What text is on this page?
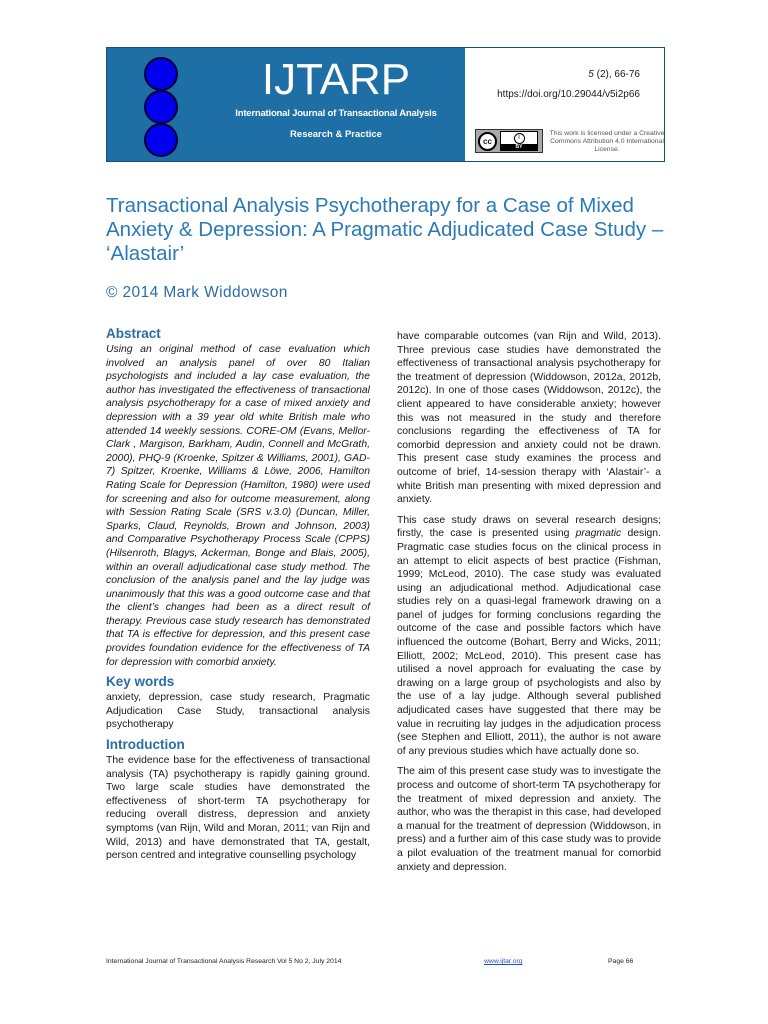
IJTARP
International Journal of Transactional Analysis
Research & Practice
5 (2), 66-76
https://doi.org/10.29044/v5i2p66
cc	i
BY
This work is licensed under a Creative Commons Attribution 4.0 International License.
Transactional Analysis Psychotherapy for a Case of Mixed Anxiety & Depression: A Pragmatic Adjudicated Case Study – ‘Alastair’
© 2014 Mark Widdowson
Abstract
Using an original method of case evaluation which involved an analysis panel of over 80 Italian psychologists and included a lay case evaluation, the author has investigated the effectiveness of transactional analysis psychotherapy for a case of mixed anxiety and depression with a 39 year old white British male who attended 14 weekly sessions. CORE-OM (Evans, Mellor-Clark , Margison, Barkham, Audin, Connell and McGrath, 2000), PHQ-9 (Kroenke, Spitzer & Williams, 2001), GAD-7) Spitzer, Kroenke, Williams & Löwe, 2006, Hamilton Rating Scale for Depression (Hamilton, 1980) were used for screening and also for outcome measurement, along with Session Rating Scale (SRS v.3.0) (Duncan, Miller, Sparks, Claud, Reynolds, Brown and Johnson, 2003) and Comparative Psychotherapy Process Scale (CPPS) (Hilsenroth, Blagys, Ackerman, Bonge and Blais, 2005), within an overall adjudicational case study method. The conclusion of the analysis panel and the lay judge was unanimously that this was a good outcome case and that the client’s changes had been as a direct result of therapy. Previous case study research has demonstrated that TA is effective for depression, and this present case provides foundation evidence for the effectiveness of TA for depression with comorbid anxiety.
Key words
anxiety, depression, case study research, Pragmatic Adjudication Case Study, transactional analysis psychotherapy
Introduction
The evidence base for the effectiveness of transactional analysis (TA) psychotherapy is rapidly gaining ground. Two large scale studies have demonstrated the effectiveness of short-term TA psychotherapy for reducing overall distress, depression and anxiety symptoms (van Rijn, Wild and Moran, 2011; van Rijn and Wild, 2013) and have demonstrated that TA, gestalt, person centred and integrative counselling psychology

have comparable outcomes (van Rijn and Wild, 2013). Three previous case studies have demonstrated the effectiveness of transactional analysis psychotherapy for the treatment of depression (Widdowson, 2012a, 2012b, 2012c). In one of those cases (Widdowson, 2012c), the client appeared to have considerable anxiety; however this was not measured in the study and therefore conclusions regarding the effectiveness of TA for comorbid depression and anxiety could not be drawn. This present case study examines the process and outcome of brief, 14-session therapy with ‘Alastair’- a white British man presenting with mixed depression and anxiety.

This case study draws on several research designs; firstly, the case is presented using pragmatic design. Pragmatic case studies focus on the clinical process in an attempt to elicit aspects of best practice (Fishman, 1999; McLeod, 2010). The case study was evaluated using an adjudicational method. Adjudicational case studies rely on a quasi-legal framework drawing on a panel of judges for forming conclusions regarding the outcome of the case and possible factors which have influenced the outcome (Bohart, Berry and Wicks, 2011; Elliott, 2002; McLeod, 2010). This present case has utilised a novel approach for evaluating the case by drawing on a large group of psychologists and also by the use of a lay judge. Although several published adjudicated cases have suggested that there may be value in recruiting lay judges in the adjudication process (see Stephen and Elliott, 2011), the author is not aware of any previous studies which have actually done so.

The aim of this present case study was to investigate the process and outcome of short-term TA psychotherapy for the treatment of mixed depression and anxiety. The author, who was the therapist in this case, had developed a manual for the treatment of depression (Widdowson, in press) and a further aim of this case study was to provide a pilot evaluation of the treatment manual for comorbid anxiety and depression.

International Journal of Transactional Analysis Research Vol 5 No 2, July 2014	www.ijtar.org	Page 66
